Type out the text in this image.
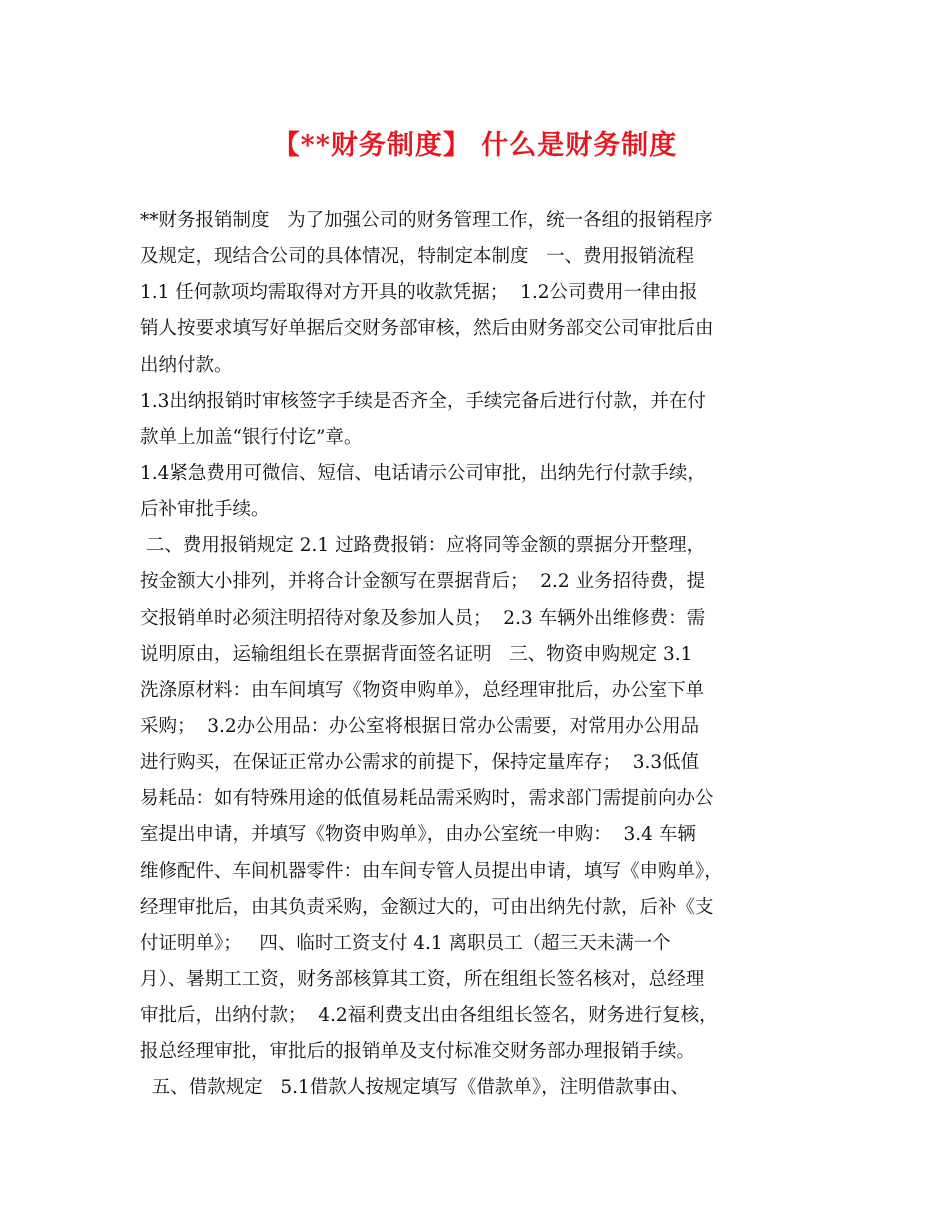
【**财务制度】 什么是财务制度
**财务报销制度   为了加强公司的财务管理工作，统一各组的报销程序
及规定，现结合公司的具体情况，特制定本制度   一、费用报销流程
1.1 任何款项均需取得对方开具的收款凭据；  1.2公司费用一律由报
销人按要求填写好单据后交财务部审核，然后由财务部交公司审批后由
出纳付款。
1.3出纳报销时审核签字手续是否齐全，手续完备后进行付款，并在付
款单上加盖“银行付讫”章。
1.4紧急费用可微信、短信、电话请示公司审批，出纳先行付款手续，
后补审批手续。
二、费用报销规定 2.1 过路费报销：应将同等金额的票据分开整理，
按金额大小排列，并将合计金额写在票据背后；  2.2 业务招待费，提
交报销单时必须注明招待对象及参加人员；  2.3 车辆外出维修费：需
说明原由，运输组组长在票据背面签名证明   三、物资申购规定 3.1
洗涤原材料：由车间填写《物资申购单》，总经理审批后，办公室下单
采购；  3.2办公用品：办公室将根据日常办公需要，对常用办公用品
进行购买，在保证正常办公需求的前提下，保持定量库存；  3.3低值
易耗品：如有特殊用途的低值易耗品需采购时，需求部门需提前向办公
室提出申请，并填写《物资申购单》，由办公室统一申购：  3.4 车辆
维修配件、车间机器零件：由车间专管人员提出申请，填写《申购单》，
经理审批后，由其负责采购，金额过大的，可由出纳先付款，后补《支
付证明单》；   四、临时工资支付 4.1 离职员工（超三天未满一个
月）、暑期工工资，财务部核算其工资，所在组组长签名核对，总经理
审批后，出纳付款；  4.2福利费支出由各组组长签名，财务进行复核，
报总经理审批，审批后的报销单及支付标准交财务部办理报销手续。
五、借款规定   5.1借款人按规定填写《借款单》，注明借款事由、
